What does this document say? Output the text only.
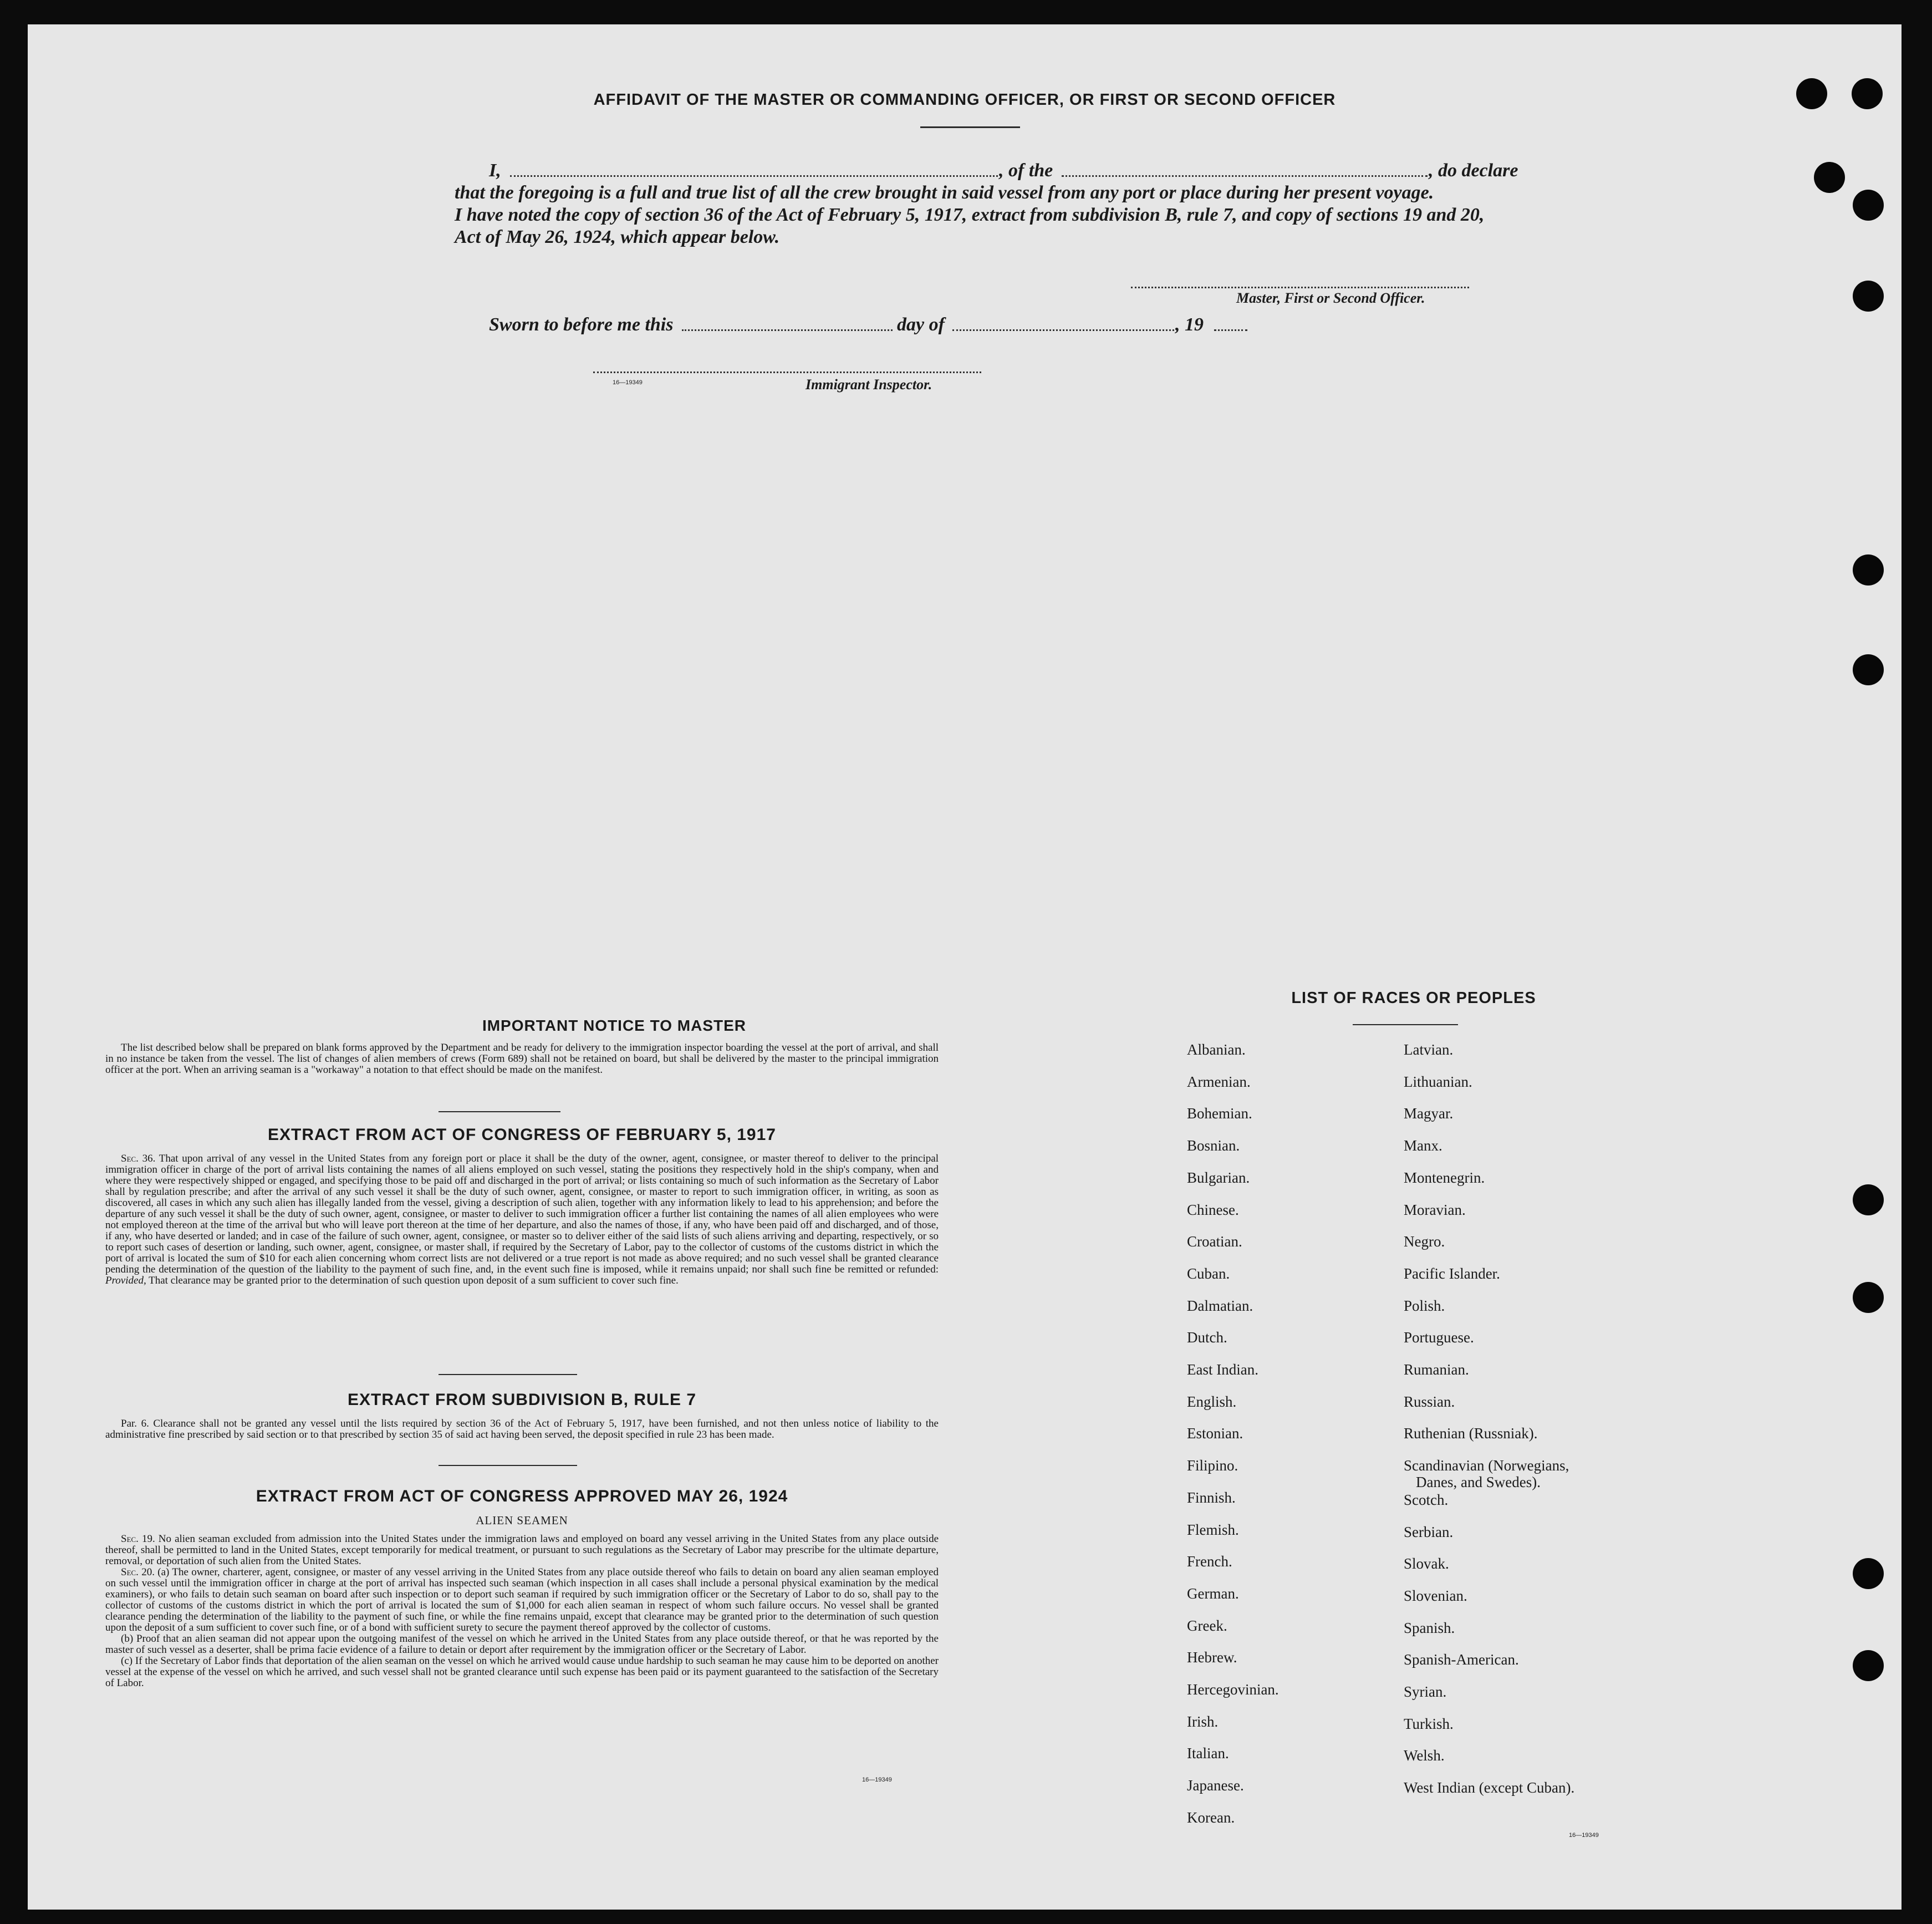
AFFIDAVIT OF THE MASTER OR COMMANDING OFFICER, OR FIRST OR SECOND OFFICER
I,	, of the	, do declare
that the foregoing is a full and true list of all the crew brought in said vessel from any port or place during her present voyage.
I have noted the copy of section 36 of the Act of February 5, 1917, extract from subdivision B, rule 7, and copy of sections 19 and 20,
Act of May 26, 1924, which appear below.
Master, First or Second Officer.
Sworn to before me this	day of	, 19
16—19349	Immigrant Inspector.
IMPORTANT NOTICE TO MASTER

The list described below shall be prepared on blank forms approved by the Department and be ready for delivery to the immigration inspector boarding the vessel at the port of arrival, and shall in no instance be taken from the vessel. The list of changes of alien members of crews (Form 689) shall not be retained on board, but shall be delivered by the master to the principal immigration officer at the port. When an arriving seaman is a "workaway" a notation to that effect should be made on the manifest.

EXTRACT FROM ACT OF CONGRESS OF FEBRUARY 5, 1917

Sec. 36. That upon arrival of any vessel in the United States from any foreign port or place it shall be the duty of the owner, agent, consignee, or master thereof to deliver to the principal immigration officer in charge of the port of arrival lists containing the names of all aliens employed on such vessel, stating the positions they respectively hold in the ship's company, when and where they were respectively shipped or engaged, and specifying those to be paid off and discharged in the port of arrival; or lists containing so much of such information as the Secretary of Labor shall by regulation prescribe; and after the arrival of any such vessel it shall be the duty of such owner, agent, consignee, or master to report to such immigration officer, in writing, as soon as discovered, all cases in which any such alien has illegally landed from the vessel, giving a description of such alien, together with any information likely to lead to his apprehension; and before the departure of any such vessel it shall be the duty of such owner, agent, consignee, or master to deliver to such immigration officer a further list containing the names of all alien employees who were not employed thereon at the time of the arrival but who will leave port thereon at the time of her departure, and also the names of those, if any, who have been paid off and discharged, and of those, if any, who have deserted or landed; and in case of the failure of such owner, agent, consignee, or master so to deliver either of the said lists of such aliens arriving and departing, respectively, or so to report such cases of desertion or landing, such owner, agent, consignee, or master shall, if required by the Secretary of Labor, pay to the collector of customs of the customs district in which the port of arrival is located the sum of $10 for each alien concerning whom correct lists are not delivered or a true report is not made as above required; and no such vessel shall be granted clearance pending the determination of the question of the liability to the payment of such fine, and, in the event such fine is imposed, while it remains unpaid; nor shall such fine be remitted or refunded: Provided, That clearance may be granted prior to the determination of such question upon deposit of a sum sufficient to cover such fine.

EXTRACT FROM SUBDIVISION B, RULE 7

Par. 6. Clearance shall not be granted any vessel until the lists required by section 36 of the Act of February 5, 1917, have been furnished, and not then unless notice of liability to the administrative fine prescribed by said section or to that prescribed by section 35 of said act having been served, the deposit specified in rule 23 has been made.

EXTRACT FROM ACT OF CONGRESS APPROVED MAY 26, 1924
ALIEN SEAMEN

Sec. 19. No alien seaman excluded from admission into the United States under the immigration laws and employed on board any vessel arriving in the United States from any place outside thereof, shall be permitted to land in the United States, except temporarily for medical treatment, or pursuant to such regulations as the Secretary of Labor may prescribe for the ultimate departure, removal, or deportation of such alien from the United States.

Sec. 20. (a) The owner, charterer, agent, consignee, or master of any vessel arriving in the United States from any place outside thereof who fails to detain on board any alien seaman employed on such vessel until the immigration officer in charge at the port of arrival has inspected such seaman (which inspection in all cases shall include a personal physical examination by the medical examiners), or who fails to detain such seaman on board after such inspection or to deport such seaman if required by such immigration officer or the Secretary of Labor to do so, shall pay to the collector of customs of the customs district in which the port of arrival is located the sum of $1,000 for each alien seaman in respect of whom such failure occurs. No vessel shall be granted clearance pending the determination of the liability to the payment of such fine, or while the fine remains unpaid, except that clearance may be granted prior to the determination of such question upon the deposit of a sum sufficient to cover such fine, or of a bond with sufficient surety to secure the payment thereof approved by the collector of customs.

(b) Proof that an alien seaman did not appear upon the outgoing manifest of the vessel on which he arrived in the United States from any place outside thereof, or that he was reported by the master of such vessel as a deserter, shall be prima facie evidence of a failure to detain or deport after requirement by the immigration officer or the Secretary of Labor.

(c) If the Secretary of Labor finds that deportation of the alien seaman on the vessel on which he arrived would cause undue hardship to such seaman he may cause him to be deported on another vessel at the expense of the vessel on which he arrived, and such vessel shall not be granted clearance until such expense has been paid or its payment guaranteed to the satisfaction of the Secretary of Labor.

16—19349
LIST OF RACES OR PEOPLES
16—19349
Albanian.
Armenian.
Bohemian.
Bosnian.
Bulgarian.
Chinese.
Croatian.
Cuban.
Dalmatian.
Dutch.
East Indian.
English.
Estonian.
Filipino.
Finnish.
Flemish.
French.
German.
Greek.
Hebrew.
Hercegovinian.
Irish.
Italian.
Japanese.
Korean.
Latvian.
Lithuanian.
Magyar.
Manx.
Montenegrin.
Moravian.
Negro.
Pacific Islander.
Polish.
Portuguese.
Rumanian.
Russian.
Ruthenian (Russniak).
Scandinavian (Norwegians,
Danes, and Swedes).
Scotch.
Serbian.
Slovak.
Slovenian.
Spanish.
Spanish-American.
Syrian.
Turkish.
Welsh.
West Indian (except Cuban).
